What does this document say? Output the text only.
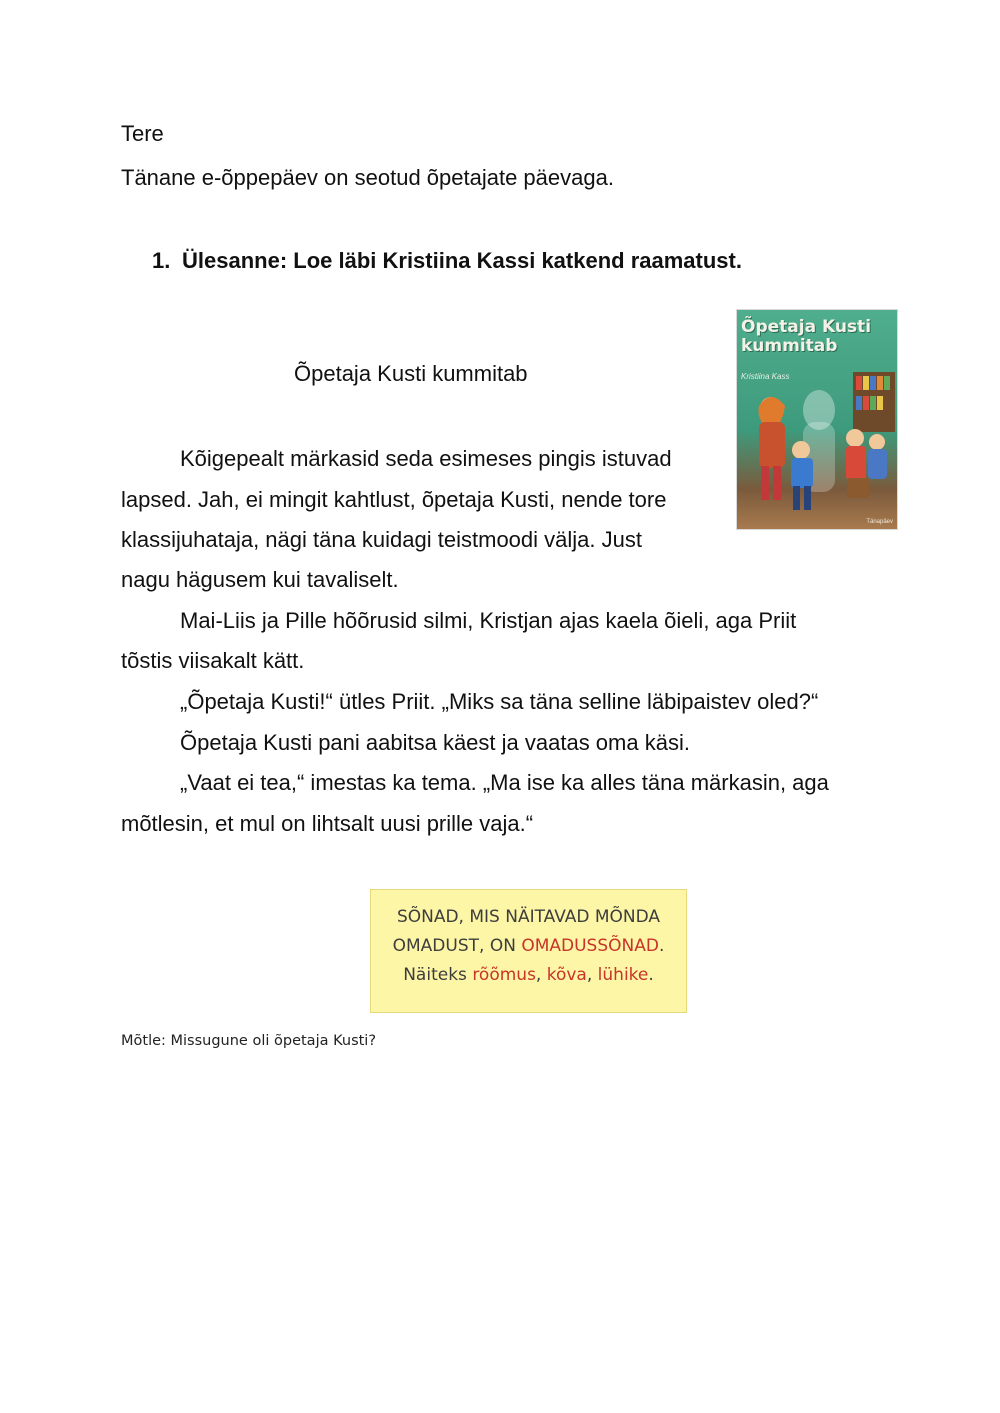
Tere
Tänane e-õppepäev on seotud õpetajate päevaga.
1. Ülesanne: Loe läbi Kristiina Kassi katkend raamatust.
Õpetaja Kusti
kummitab
Kristiina Kass
Tänapäev
Õpetaja Kusti kummitab
Kõigepealt märkasid seda esimeses pingis istuvad
lapsed. Jah, ei mingit kahtlust, õpetaja Kusti, nende tore
klassijuhataja, nägi täna kuidagi teistmoodi välja. Just
nagu hägusem kui tavaliselt.
Mai-Liis ja Pille hõõrusid silmi, Kristjan ajas kaela õieli, aga Priit
tõstis viisakalt kätt.
„Õpetaja Kusti!“ ütles Priit. „Miks sa täna selline läbipaistev oled?“
Õpetaja Kusti pani aabitsa käest ja vaatas oma käsi.
„Vaat ei tea,“ imestas ka tema. „Ma ise ka alles täna märkasin, aga
mõtlesin, et mul on lihtsalt uusi prille vaja.“
SÕNAD, MIS NÄITAVAD MÕNDA
OMADUST, ON OMADUSSÕNAD.
Näiteks rõõmus, kõva, lühike.
Mõtle: Missugune oli õpetaja Kusti?
